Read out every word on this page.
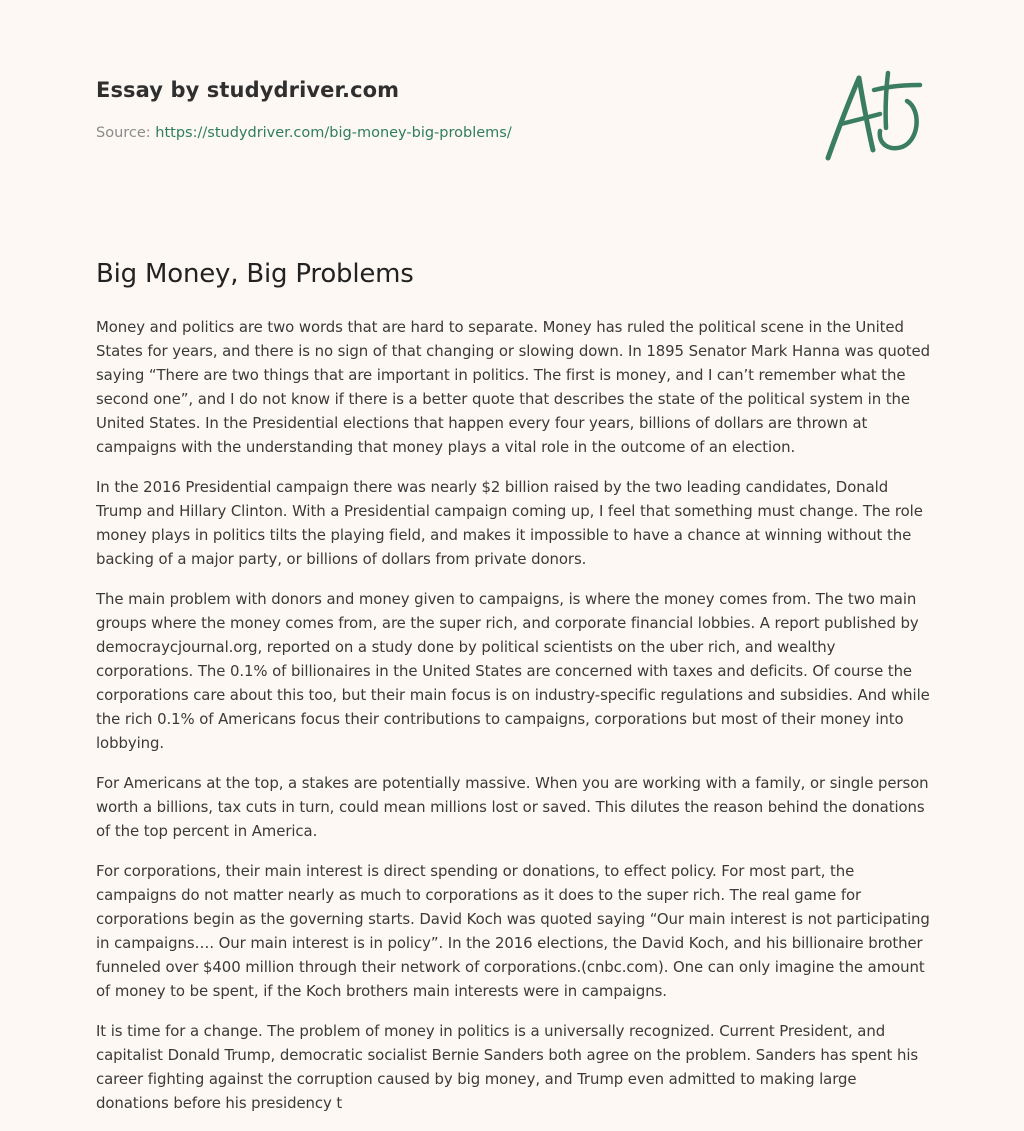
Essay by studydriver.com
Source: https://studydriver.com/big-money-big-problems/
Big Money, Big Problems

Money and politics are two words that are hard to separate. Money has ruled the political scene in the United States for years, and there is no sign of that changing or slowing down. In 1895 Senator Mark Hanna was quoted saying “There are two things that are important in politics. The first is money, and I can’t remember what the second one”, and I do not know if there is a better quote that describes the state of the political system in the United States. In the Presidential elections that happen every four years, billions of dollars are thrown at campaigns with the understanding that money plays a vital role in the outcome of an election.

In the 2016 Presidential campaign there was nearly $2 billion raised by the two leading candidates, Donald Trump and Hillary Clinton. With a Presidential campaign coming up, I feel that something must change. The role money plays in politics tilts the playing field, and makes it impossible to have a chance at winning without the backing of a major party, or billions of dollars from private donors.

The main problem with donors and money given to campaigns, is where the money comes from. The two main groups where the money comes from, are the super rich, and corporate financial lobbies. A report published by democraycjournal.org, reported on a study done by political scientists on the uber rich, and wealthy corporations. The 0.1% of billionaires in the United States are concerned with taxes and deficits. Of course the corporations care about this too, but their main focus is on industry-specific regulations and subsidies. And while the rich 0.1% of Americans focus their contributions to campaigns, corporations but most of their money into lobbying.

For Americans at the top, a stakes are potentially massive. When you are working with a family, or single person worth a billions, tax cuts in turn, could mean millions lost or saved. This dilutes the reason behind the donations of the top percent in America.

For corporations, their main interest is direct spending or donations, to effect policy. For most part, the campaigns do not matter nearly as much to corporations as it does to the super rich. The real game for corporations begin as the governing starts. David Koch was quoted saying “Our main interest is not participating in campaigns…. Our main interest is in policy”. In the 2016 elections, the David Koch, and his billionaire brother funneled over $400 million through their network of corporations.(cnbc.com). One can only imagine the amount of money to be spent, if the Koch brothers main interests were in campaigns.

It is time for a change. The problem of money in politics is a universally recognized. Current President, and capitalist Donald Trump, democratic socialist Bernie Sanders both agree on the problem. Sanders has spent his career fighting against the corruption caused by big money, and Trump even admitted to making large donations before his presidency t
